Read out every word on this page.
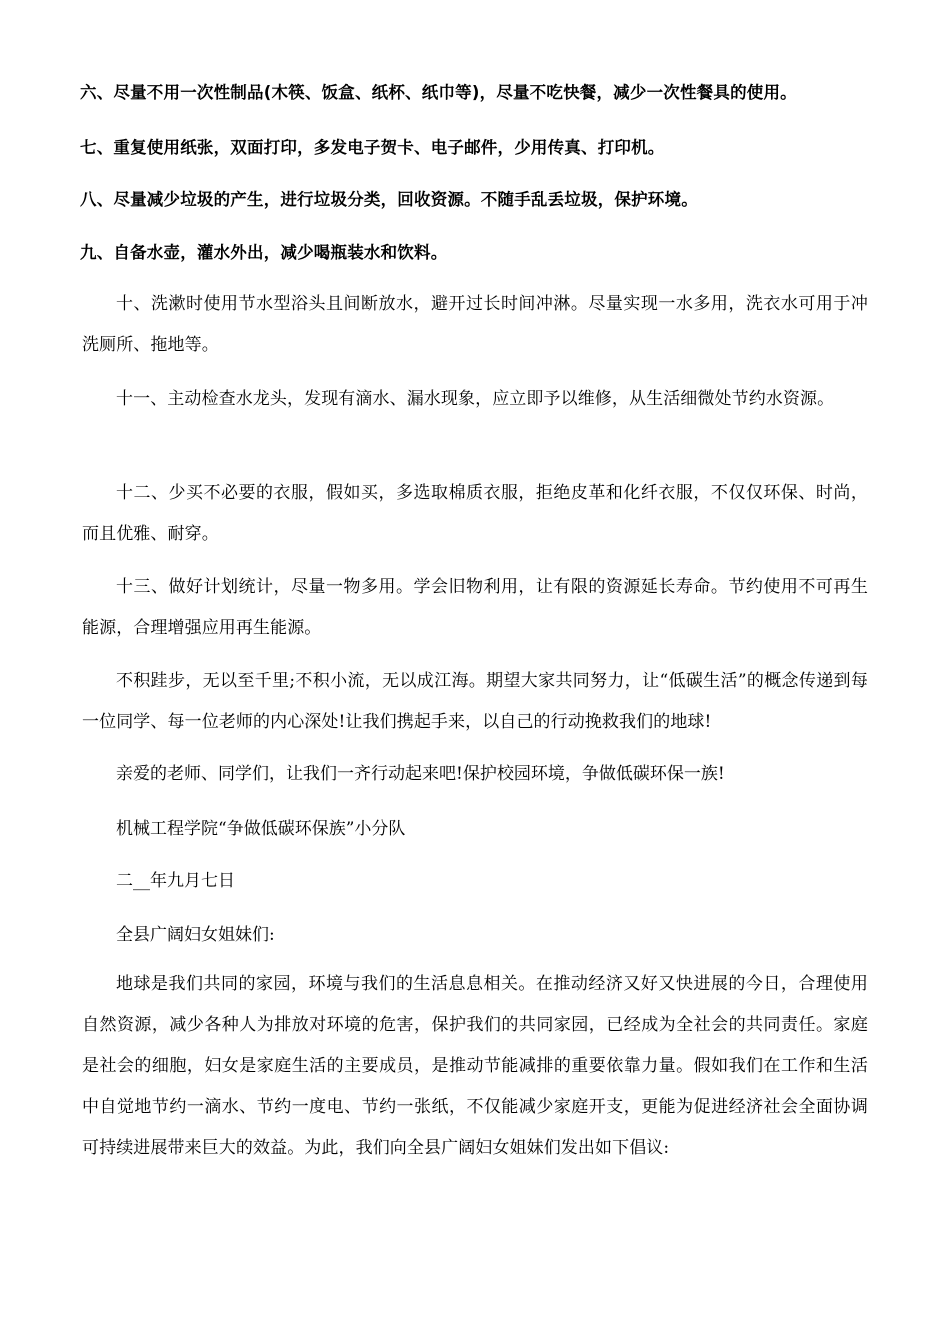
六、尽量不用一次性制品(木筷、饭盒、纸杯、纸巾等)，尽量不吃快餐，减少一次性餐具的使用。
七、重复使用纸张，双面打印，多发电子贺卡、电子邮件，少用传真、打印机。
八、尽量减少垃圾的产生，进行垃圾分类，回收资源。不随手乱丢垃圾，保护环境。
九、自备水壶，灌水外出，减少喝瓶装水和饮料。
十、洗漱时使用节水型浴头且间断放水，避开过长时间冲淋。尽量实现一水多用，洗衣水可用于冲洗厕所、拖地等。
十一、主动检查水龙头，发现有滴水、漏水现象，应立即予以维修，从生活细微处节约水资源。
十二、少买不必要的衣服，假如买，多选取棉质衣服，拒绝皮革和化纤衣服，不仅仅环保、时尚，而且优雅、耐穿。
十三、做好计划统计，尽量一物多用。学会旧物利用，让有限的资源延长寿命。节约使用不可再生能源，合理增强应用再生能源。
不积跬步，无以至千里;不积小流，无以成江海。期望大家共同努力，让“低碳生活”的概念传递到每一位同学、每一位老师的内心深处!让我们携起手来，以自己的行动挽救我们的地球!
亲爱的老师、同学们，让我们一齐行动起来吧!保护校园环境，争做低碳环保一族!
机械工程学院“争做低碳环保族”小分队
二__年九月七日
全县广阔妇女姐妹们:
地球是我们共同的家园，环境与我们的生活息息相关。在推动经济又好又快进展的今日，合理使用自然资源，减少各种人为排放对环境的危害，保护我们的共同家园，已经成为全社会的共同责任。家庭是社会的细胞，妇女是家庭生活的主要成员，是推动节能减排的重要依靠力量。假如我们在工作和生活中自觉地节约一滴水、节约一度电、节约一张纸，不仅能减少家庭开支，更能为促进经济社会全面协调可持续进展带来巨大的效益。为此，我们向全县广阔妇女姐妹们发出如下倡议:
